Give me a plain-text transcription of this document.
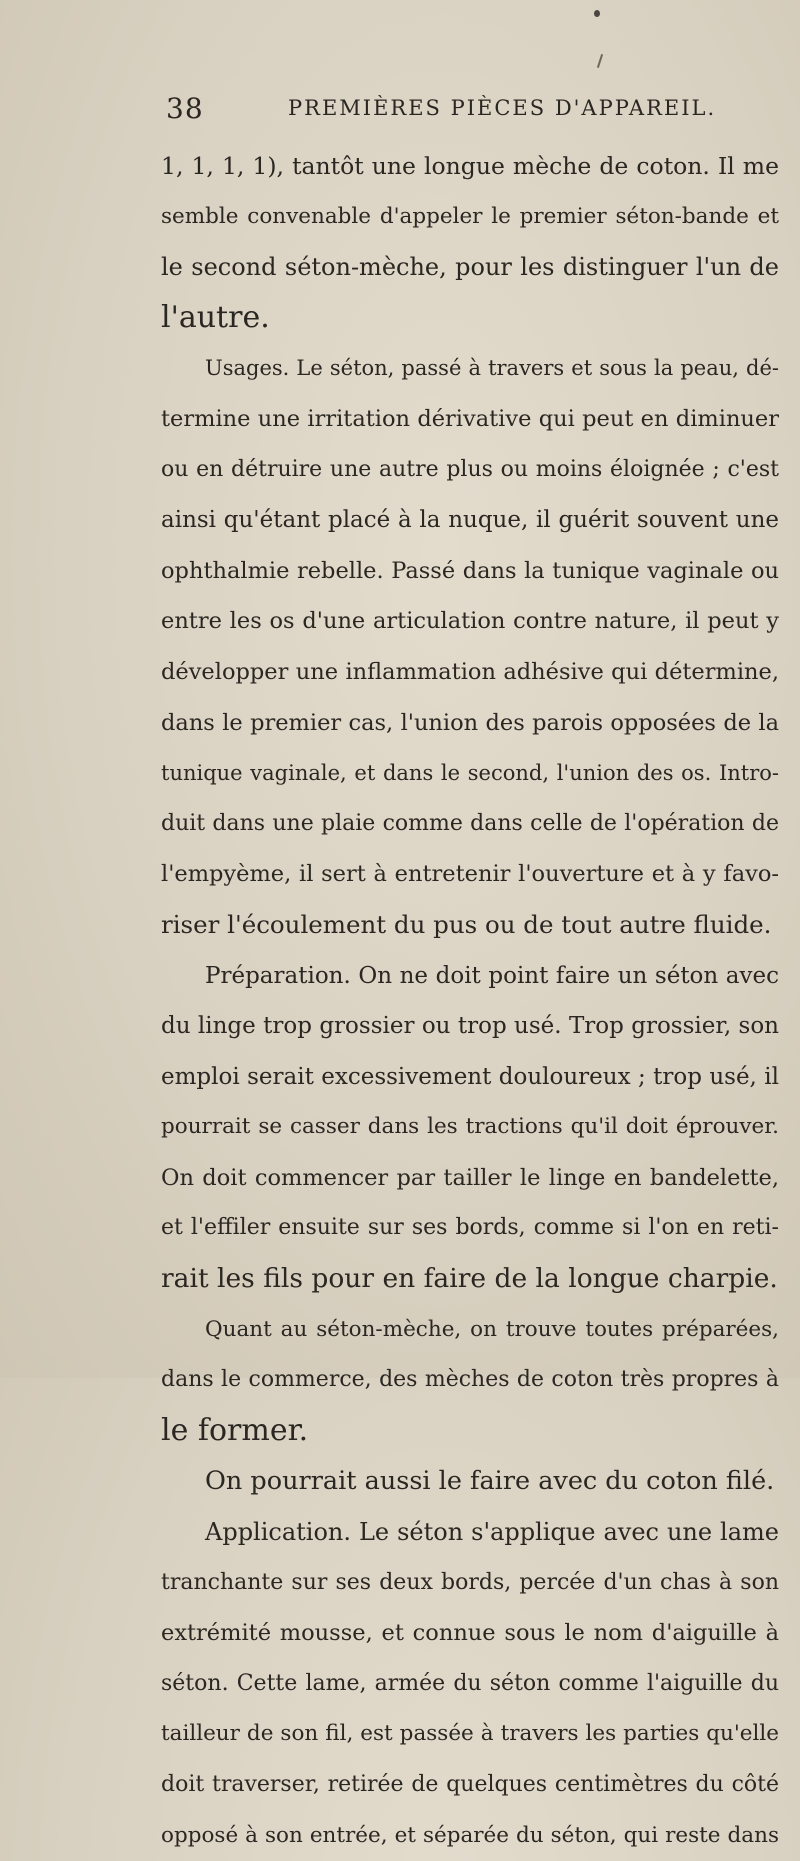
38	PREMIÈRES PIÈCES D'APPAREIL.
1, 1, 1, 1), tantôt une longue mèche de coton. Il me
semble convenable d'appeler le premier séton-bande et
le second séton-mèche, pour les distinguer l'un de
l'autre.
Usages. Le séton, passé à travers et sous la peau, dé-
termine une irritation dérivative qui peut en diminuer
ou en détruire une autre plus ou moins éloignée ; c'est
ainsi qu'étant placé à la nuque, il guérit souvent une
ophthalmie rebelle. Passé dans la tunique vaginale ou
entre les os d'une articulation contre nature, il peut y
développer une inflammation adhésive qui détermine,
dans le premier cas, l'union des parois opposées de la
tunique vaginale, et dans le second, l'union des os. Intro-
duit dans une plaie comme dans celle de l'opération de
l'empyème, il sert à entretenir l'ouverture et à y favo-
riser l'écoulement du pus ou de tout autre fluide.
Préparation. On ne doit point faire un séton avec
du linge trop grossier ou trop usé. Trop grossier, son
emploi serait excessivement douloureux ; trop usé, il
pourrait se casser dans les tractions qu'il doit éprouver.
On doit commencer par tailler le linge en bandelette,
et l'effiler ensuite sur ses bords, comme si l'on en reti-
rait les fils pour en faire de la longue charpie.
Quant au séton-mèche, on trouve toutes préparées,
dans le commerce, des mèches de coton très propres à
le former.
On pourrait aussi le faire avec du coton filé.
Application. Le séton s'applique avec une lame
tranchante sur ses deux bords, percée d'un chas à son
extrémité mousse, et connue sous le nom d'aiguille à
séton. Cette lame, armée du séton comme l'aiguille du
tailleur de son fil, est passée à travers les parties qu'elle
doit traverser, retirée de quelques centimètres du côté
opposé à son entrée, et séparée du séton, qui reste dans
